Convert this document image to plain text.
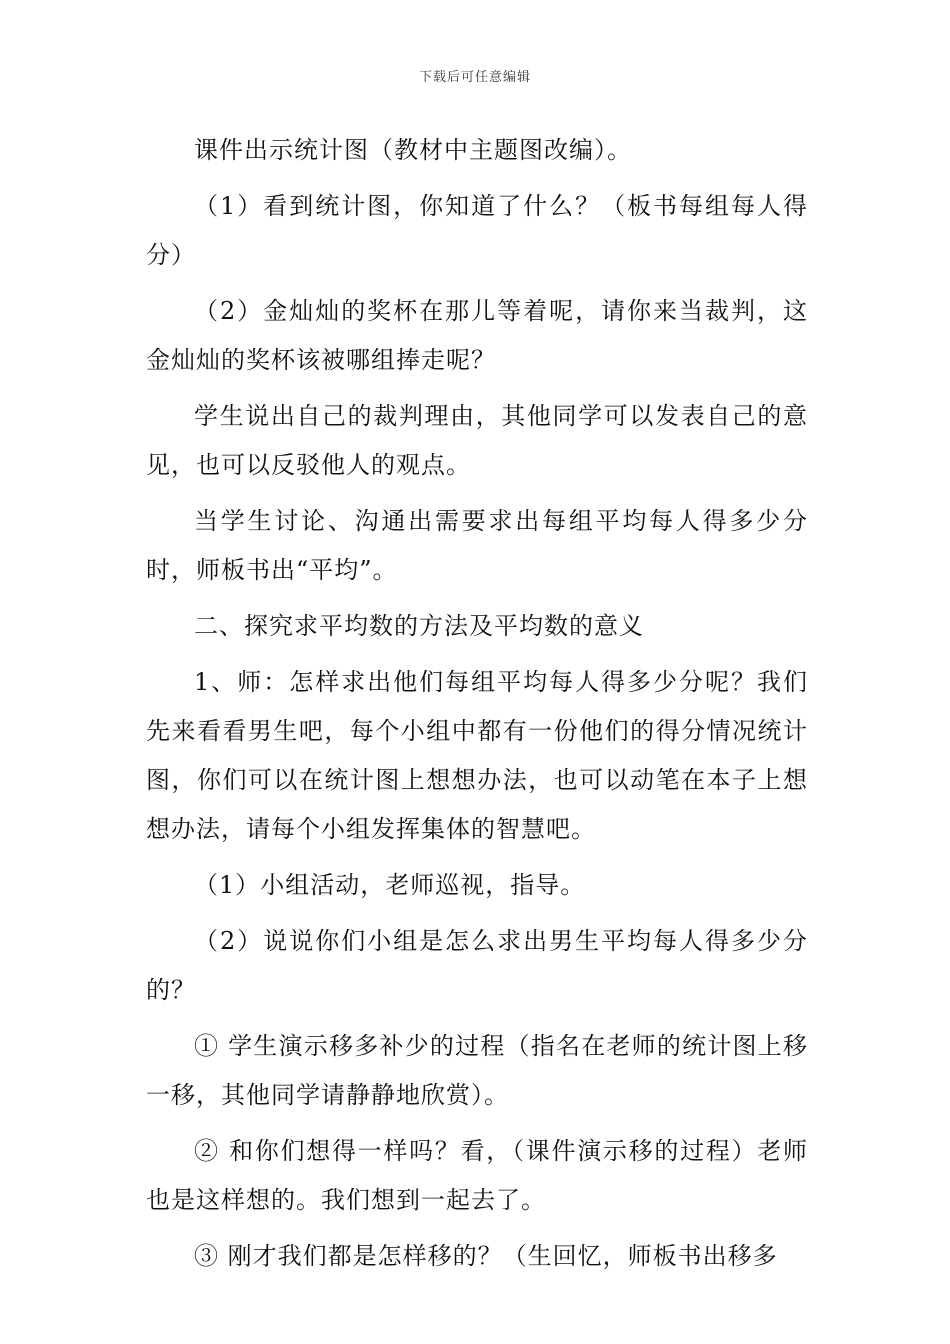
下载后可任意编辑

课件出示统计图（教材中主题图改编）。

（1）看到统计图，你知道了什么？（板书每组每人得分）

（2）金灿灿的奖杯在那儿等着呢，请你来当裁判，这金灿灿的奖杯该被哪组捧走呢？

学生说出自己的裁判理由，其他同学可以发表自己的意见，也可以反驳他人的观点。

当学生讨论、沟通出需要求出每组平均每人得多少分时，师板书出“平均”。

二、探究求平均数的方法及平均数的意义

1、师：怎样求出他们每组平均每人得多少分呢？我们先来看看男生吧，每个小组中都有一份他们的得分情况统计图，你们可以在统计图上想想办法，也可以动笔在本子上想想办法，请每个小组发挥集体的智慧吧。

（1）小组活动，老师巡视，指导。

（2）说说你们小组是怎么求出男生平均每人得多少分的？

① 学生演示移多补少的过程（指名在老师的统计图上移一移，其他同学请静静地欣赏）。

② 和你们想得一样吗？看，（课件演示移的过程）老师也是这样想的。我们想到一起去了。

③ 刚才我们都是怎样移的？（生回忆，师板书出移多
